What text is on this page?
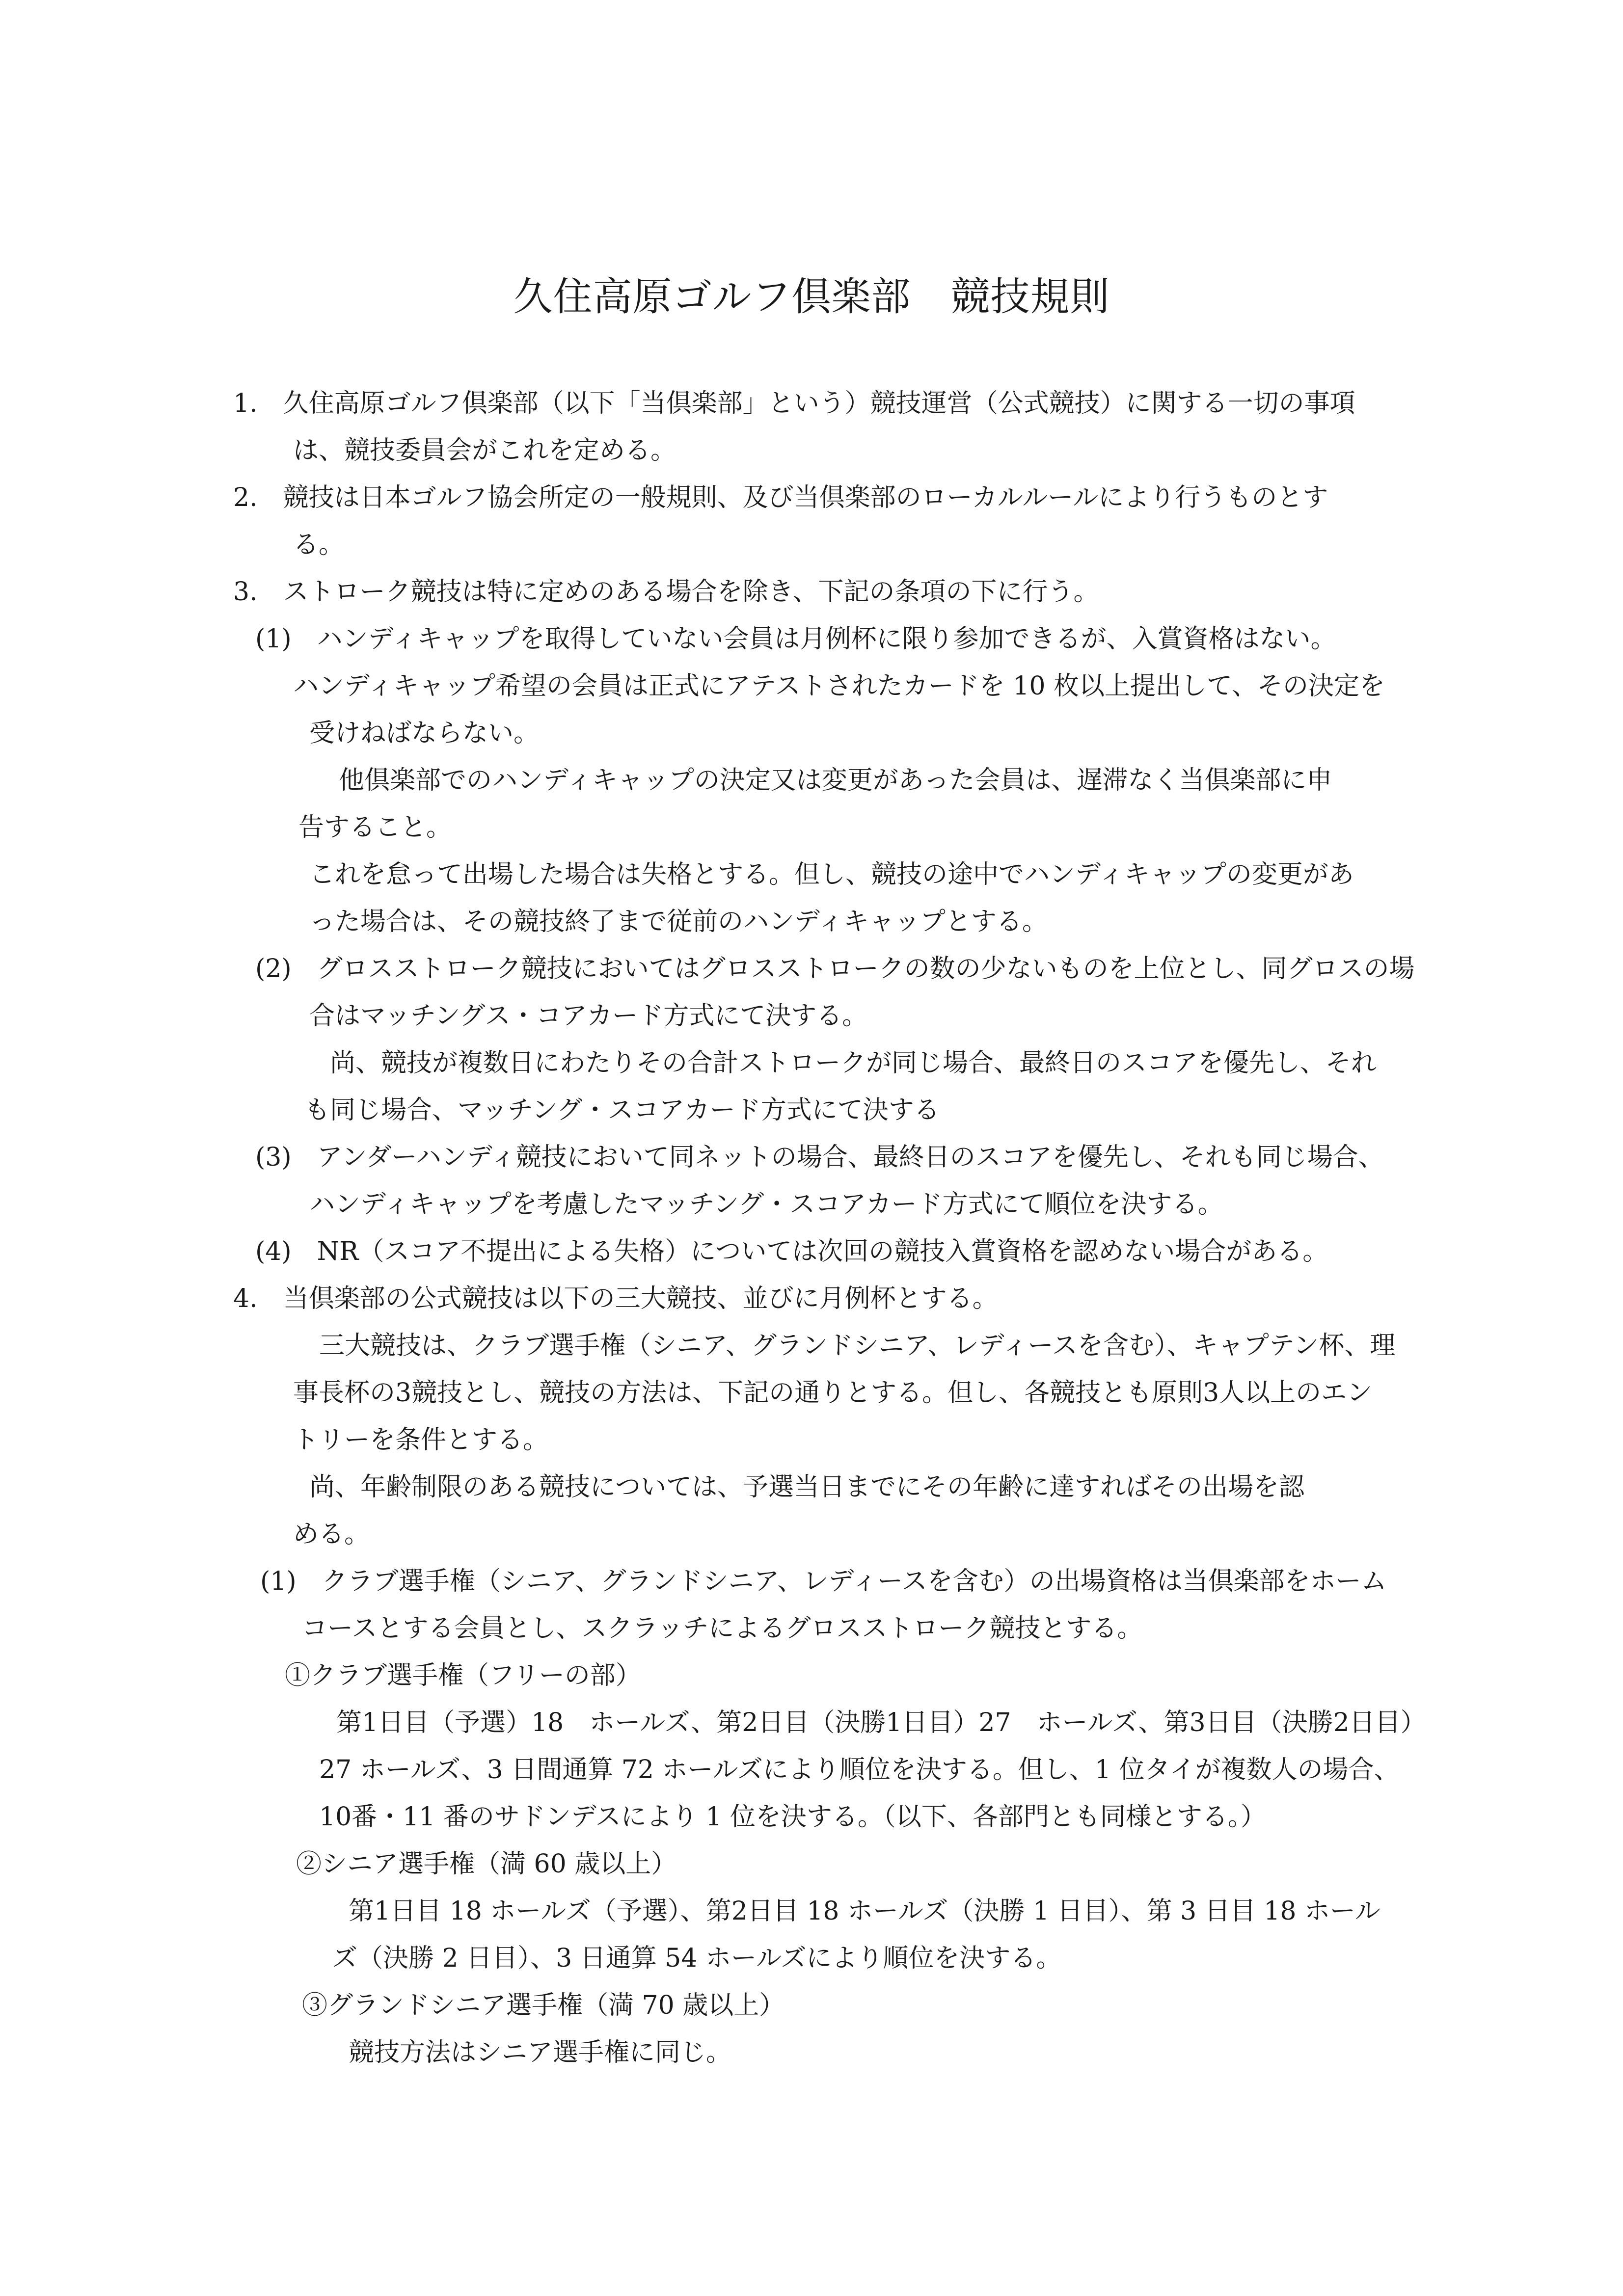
久住高原ゴルフ倶楽部　競技規則
1.　久住高原ゴルフ倶楽部（以下「当倶楽部」という）競技運営（公式競技）に関する一切の事項
は、競技委員会がこれを定める。
2.　競技は日本ゴルフ協会所定の一般規則、及び当倶楽部のローカルルールにより行うものとす
る。
3.　ストローク競技は特に定めのある場合を除き、下記の条項の下に行う。
(1)　ハンディキャップを取得していない会員は月例杯に限り参加できるが、入賞資格はない。
ハンディキャップ希望の会員は正式にアテストされたカードを 10 枚以上提出して、その決定を
受けねばならない。
他倶楽部でのハンディキャップの決定又は変更があった会員は、遅滞なく当倶楽部に申
告すること。
これを怠って出場した場合は失格とする。但し、競技の途中でハンディキャップの変更があ
った場合は、その競技終了まで従前のハンディキャップとする。
(2)　グロスストローク競技においてはグロスストロークの数の少ないものを上位とし、同グロスの場
合はマッチングス・コアカード方式にて決する。
尚、競技が複数日にわたりその合計ストロークが同じ場合、最終日のスコアを優先し、それ
も同じ場合、マッチング・スコアカード方式にて決する
(3)　アンダーハンディ競技において同ネットの場合、最終日のスコアを優先し、それも同じ場合、
ハンディキャップを考慮したマッチング・スコアカード方式にて順位を決する。
(4)　NR（スコア不提出による失格）については次回の競技入賞資格を認めない場合がある。
4.　当倶楽部の公式競技は以下の三大競技、並びに月例杯とする。
三大競技は、クラブ選手権（シニア、グランドシニア、レディースを含む）、キャプテン杯、理
事長杯の3競技とし、競技の方法は、下記の通りとする。但し、各競技とも原則3人以上のエン
トリーを条件とする。
尚、年齢制限のある競技については、予選当日までにその年齢に達すればその出場を認
める。
(1)　クラブ選手権（シニア、グランドシニア、レディースを含む）の出場資格は当倶楽部をホーム
コースとする会員とし、スクラッチによるグロスストローク競技とする。
①クラブ選手権（フリーの部）
第1日目（予選）18　ホールズ、第2日目（決勝1日目）27　ホールズ、第3日目（決勝2日目）
27 ホールズ、3 日間通算 72 ホールズにより順位を決する。但し、1 位タイが複数人の場合、
10番・11 番のサドンデスにより 1 位を決する。（以下、各部門とも同様とする。）
②シニア選手権（満 60 歳以上）
第1日目 18 ホールズ（予選）、第2日目 18 ホールズ（決勝 1 日目）、第 3 日目 18 ホール
ズ（決勝 2 日目）、3 日通算 54 ホールズにより順位を決する。
③グランドシニア選手権（満 70 歳以上）
競技方法はシニア選手権に同じ。
